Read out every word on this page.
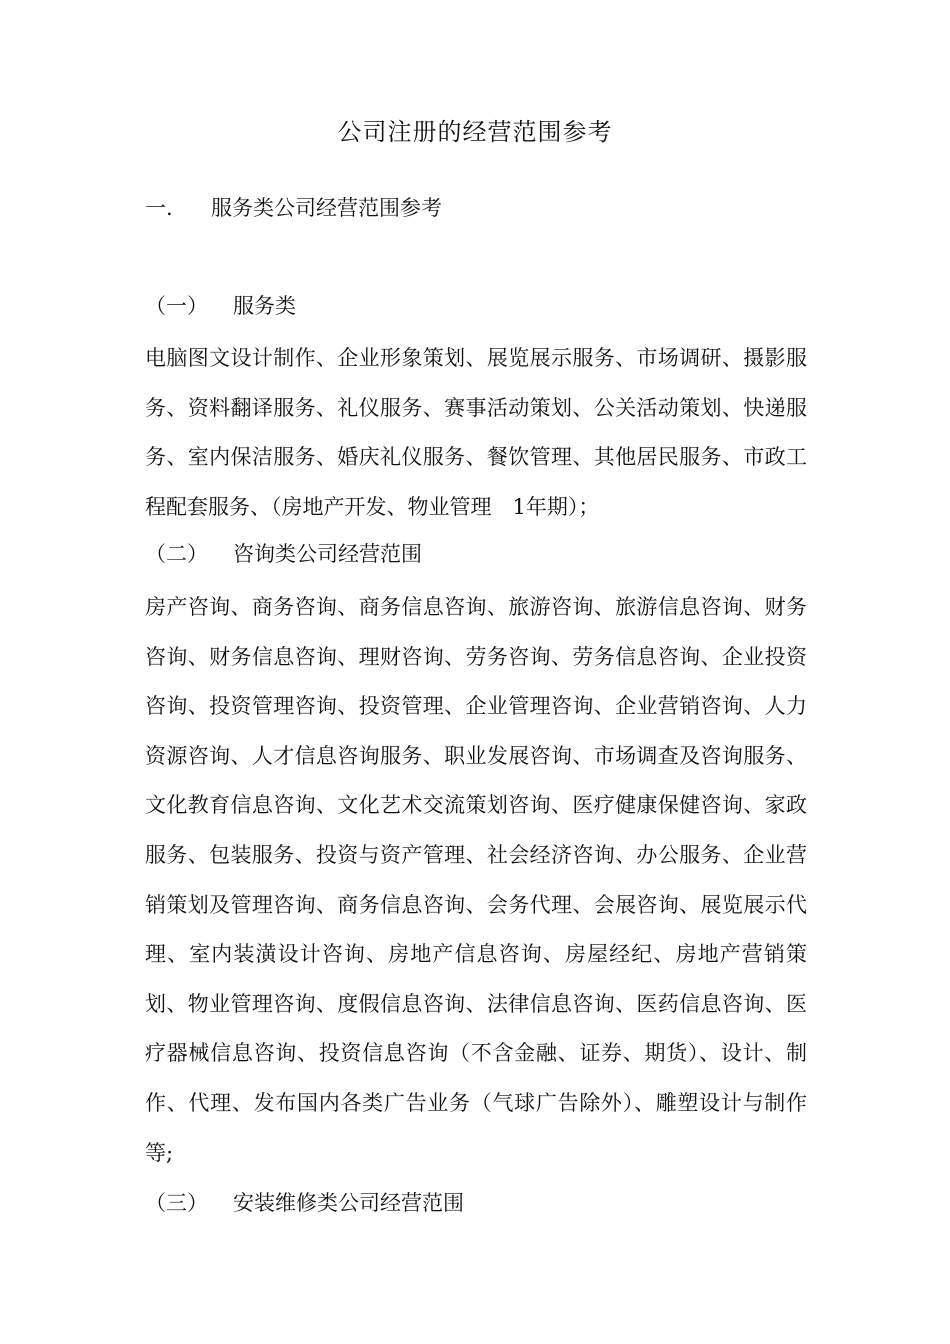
公司注册的经营范围参考
一. 服务类公司经营范围参考
（一） 服务类

电脑图文设计制作、企业形象策划、展览展示服务、市场调研、摄影服务、资料翻译服务、礼仪服务、赛事活动策划、公关活动策划、快递服务、室内保洁服务、婚庆礼仪服务、餐饮管理、其他居民服务、市政工程配套服务、（房地产开发、物业管理　1年期）；

（二） 咨询类公司经营范围

房产咨询、商务咨询、商务信息咨询、旅游咨询、旅游信息咨询、财务咨询、财务信息咨询、理财咨询、劳务咨询、劳务信息咨询、企业投资咨询、投资管理咨询、投资管理、企业管理咨询、企业营销咨询、人力资源咨询、人才信息咨询服务、职业发展咨询、市场调查及咨询服务、文化教育信息咨询、文化艺术交流策划咨询、医疗健康保健咨询、家政服务、包装服务、投资与资产管理、社会经济咨询、办公服务、企业营销策划及管理咨询、商务信息咨询、会务代理、会展咨询、展览展示代理、室内装潢设计咨询、房地产信息咨询、房屋经纪、房地产营销策划、物业管理咨询、度假信息咨询、法律信息咨询、医药信息咨询、医疗器械信息咨询、投资信息咨询（不含金融、证券、期货）、设计、制作、代理、发布国内各类广告业务（气球广告除外）、雕塑设计与制作等;

（三） 安装维修类公司经营范围
